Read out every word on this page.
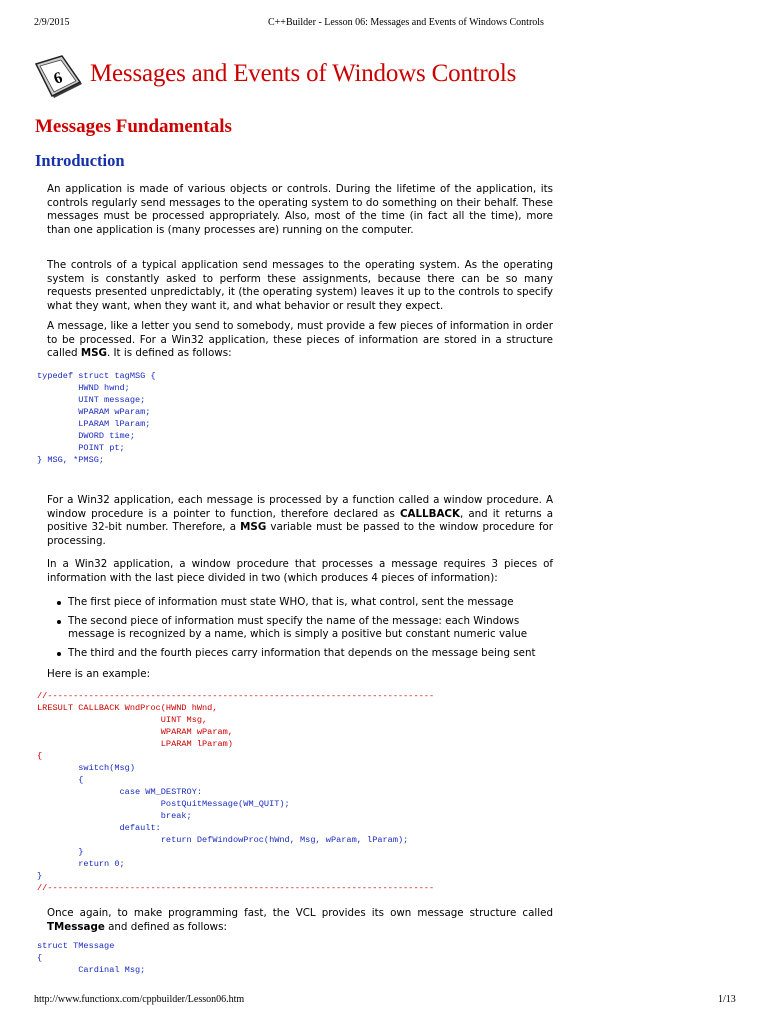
2/9/2015	C++Builder - Lesson 06: Messages and Events of Windows Controls
6 Messages and Events of Windows Controls
Messages Fundamentals
Introduction
An application is made of various objects or controls. During the lifetime of the application, its controls regularly send messages to the operating system to do something on their behalf. These messages must be processed appropriately. Also, most of the time (in fact all the time), more than one application is (many processes are) running on the computer.
The controls of a typical application send messages to the operating system. As the operating system is constantly asked to perform these assignments, because there can be so many requests presented unpredictably, it (the operating system) leaves it up to the controls to specify what they want, when they want it, and what behavior or result they expect.
A message, like a letter you send to somebody, must provide a few pieces of information in order to be processed. For a Win32 application, these pieces of information are stored in a structure called MSG. It is defined as follows:
typedef struct tagMSG {
HWND hwnd;
UINT message;
WPARAM wParam;
LPARAM lParam;
DWORD time;
POINT pt;
} MSG, *PMSG;
For a Win32 application, each message is processed by a function called a window procedure. A window procedure is a pointer to function, therefore declared as CALLBACK, and it returns a positive 32-bit number. Therefore, a MSG variable must be passed to the window procedure for processing.
In a Win32 application, a window procedure that processes a message requires 3 pieces of information with the last piece divided in two (which produces 4 pieces of information):
The first piece of information must state WHO, that is, what control, sent the message
The second piece of information must specify the name of the message: each Windows message is recognized by a name, which is simply a positive but constant numeric value
The third and the fourth pieces carry information that depends on the message being sent
Here is an example:
//---------------------------------------------------------------------------
LRESULT CALLBACK WndProc(HWND hWnd,
UINT Msg,
WPARAM wParam,
LPARAM lParam)
{
switch(Msg)
{
case WM_DESTROY:
PostQuitMessage(WM_QUIT);
break;
default:
return DefWindowProc(hWnd, Msg, wParam, lParam);
}
return 0;
}
//---------------------------------------------------------------------------
Once again, to make programming fast, the VCL provides its own message structure called TMessage and defined as follows:
struct TMessage
{
Cardinal Msg;
http://www.functionx.com/cppbuilder/Lesson06.htm	1/13
